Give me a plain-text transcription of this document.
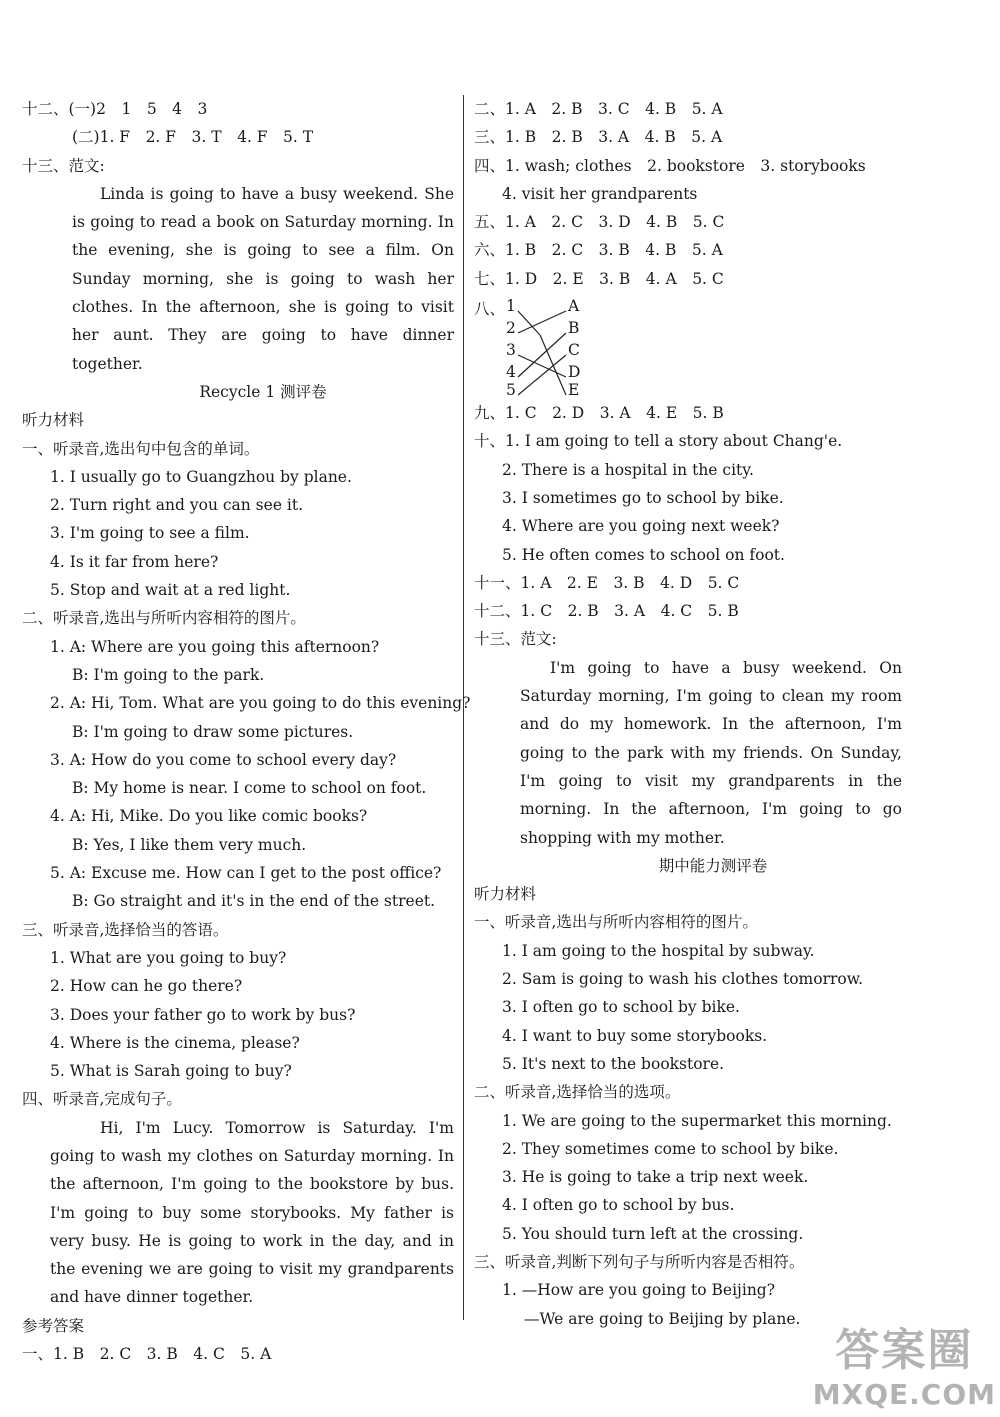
十二、(一)2　1　5　4　3
(二)1. F　2. F　3. T　4. F　5. T
十三、范文:
Linda is going to have a busy weekend. She is going to read a book on Saturday morning. In the evening, she is going to see a film. On Sunday morning, she is going to wash her clothes. In the afternoon, she is going to visit her aunt. They are going to have dinner together.
Recycle 1 测评卷
听力材料
一、听录音,选出句中包含的单词。
1. I usually go to Guangzhou by plane.
2. Turn right and you can see it.
3. I'm going to see a film.
4. Is it far from here?
5. Stop and wait at a red light.
二、听录音,选出与所听内容相符的图片。
1. A: Where are you going this afternoon?
B: I'm going to the park.
2. A: Hi, Tom. What are you going to do this evening?
B: I'm going to draw some pictures.
3. A: How do you come to school every day?
B: My home is near. I come to school on foot.
4. A: Hi, Mike. Do you like comic books?
B: Yes, I like them very much.
5. A: Excuse me. How can I get to the post office?
B: Go straight and it's in the end of the street.
三、听录音,选择恰当的答语。
1. What are you going to buy?
2. How can he go there?
3. Does your father go to work by bus?
4. Where is the cinema, please?
5. What is Sarah going to buy?
四、听录音,完成句子。
Hi, I'm Lucy. Tomorrow is Saturday. I'm going to wash my clothes on Saturday morning. In the afternoon, I'm going to the bookstore by bus. I'm going to buy some storybooks. My father is very busy. He is going to work in the day, and in the evening we are going to visit my grandparents and have dinner together.
参考答案
一、1. B　2. C　3. B　4. C　5. A
二、1. A　2. B　3. C　4. B　5. A
三、1. B　2. B　3. A　4. B　5. A
四、1. wash; clothes　2. bookstore　3. storybooks
4. visit her grandparents
五、1. A　2. C　3. D　4. B　5. C
六、1. B　2. C　3. B　4. B　5. A
七、1. D　2. E　3. B　4. A　5. C
八、 1
2
3
4
5
A
B
C
D
E
九、1. C　2. D　3. A　4. E　5. B
十、1. I am going to tell a story about Chang'e.
2. There is a hospital in the city.
3. I sometimes go to school by bike.
4. Where are you going next week?
5. He often comes to school on foot.
十一、1. A　2. E　3. B　4. D　5. C
十二、1. C　2. B　3. A　4. C　5. B
十三、范文:
I'm going to have a busy weekend. On Saturday morning, I'm going to clean my room and do my homework. In the afternoon, I'm going to the park with my friends. On Sunday, I'm going to visit my grandparents in the morning. In the afternoon, I'm going to go shopping with my mother.
期中能力测评卷
听力材料
一、听录音,选出与所听内容相符的图片。
1. I am going to the hospital by subway.
2. Sam is going to wash his clothes tomorrow.
3. I often go to school by bike.
4. I want to buy some storybooks.
5. It's next to the bookstore.
二、听录音,选择恰当的选项。
1. We are going to the supermarket this morning.
2. They sometimes come to school by bike.
3. He is going to take a trip next week.
4. I often go to school by bus.
5. You should turn left at the crossing.
三、听录音,判断下列句子与所听内容是否相符。
1. —How are you going to Beijing?
—We are going to Beijing by plane.
答案圈
MXQE.COM
